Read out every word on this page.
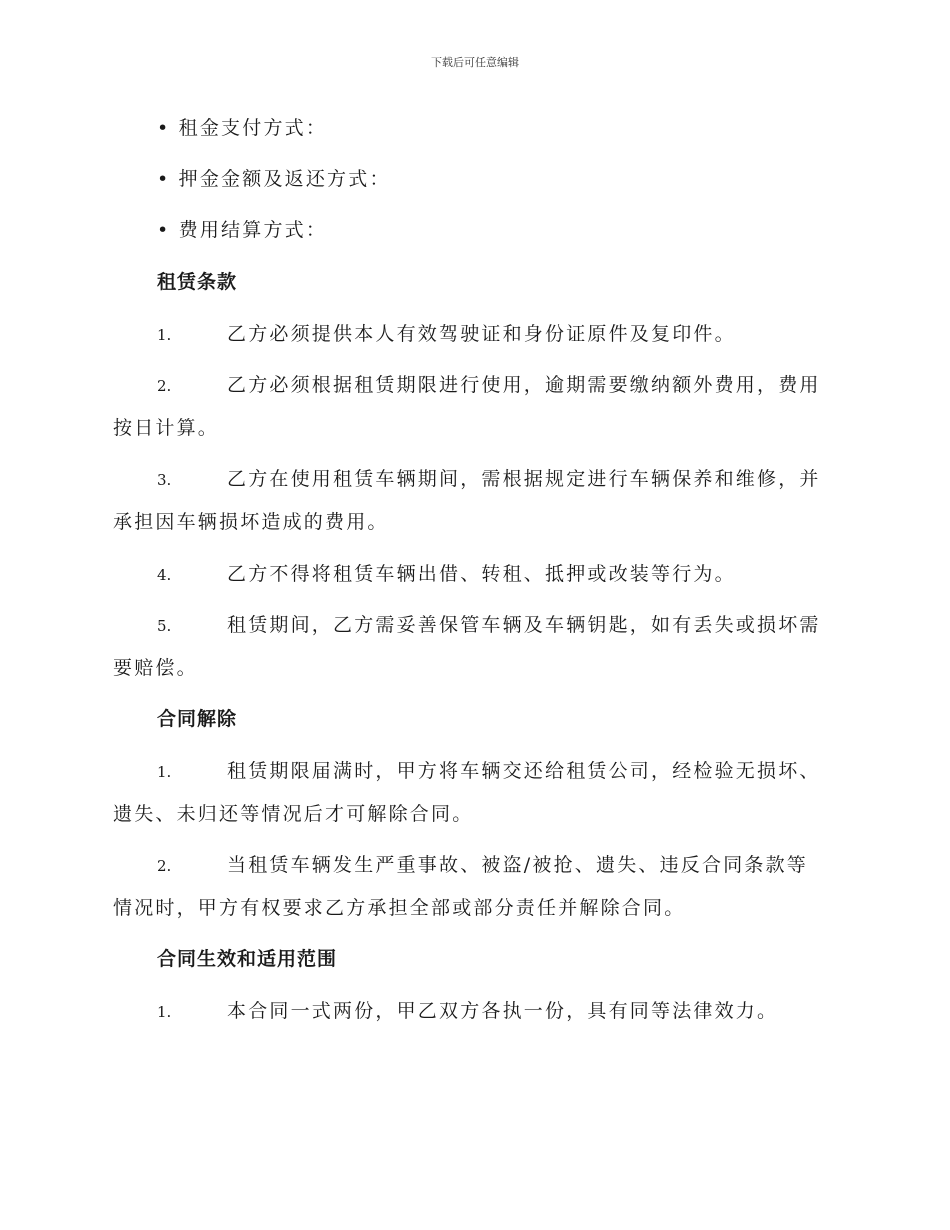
下载后可任意编辑
• 租金支付方式：
• 押金金额及返还方式：
• 费用结算方式：
租赁条款
1.	乙方必须提供本人有效驾驶证和身份证原件及复印件。
2.	乙方必须根据租赁期限进行使用，逾期需要缴纳额外费用，费用
按日计算。
3.	乙方在使用租赁车辆期间，需根据规定进行车辆保养和维修，并
承担因车辆损坏造成的费用。
4.	乙方不得将租赁车辆出借、转租、抵押或改装等行为。
5.	租赁期间，乙方需妥善保管车辆及车辆钥匙，如有丢失或损坏需
要赔偿。
合同解除
1.	租赁期限届满时，甲方将车辆交还给租赁公司，经检验无损坏、
遗失、未归还等情况后才可解除合同。
2.	当租赁车辆发生严重事故、被盗/被抢、遗失、违反合同条款等
情况时，甲方有权要求乙方承担全部或部分责任并解除合同。
合同生效和适用范围
1.	本合同一式两份，甲乙双方各执一份，具有同等法律效力。
